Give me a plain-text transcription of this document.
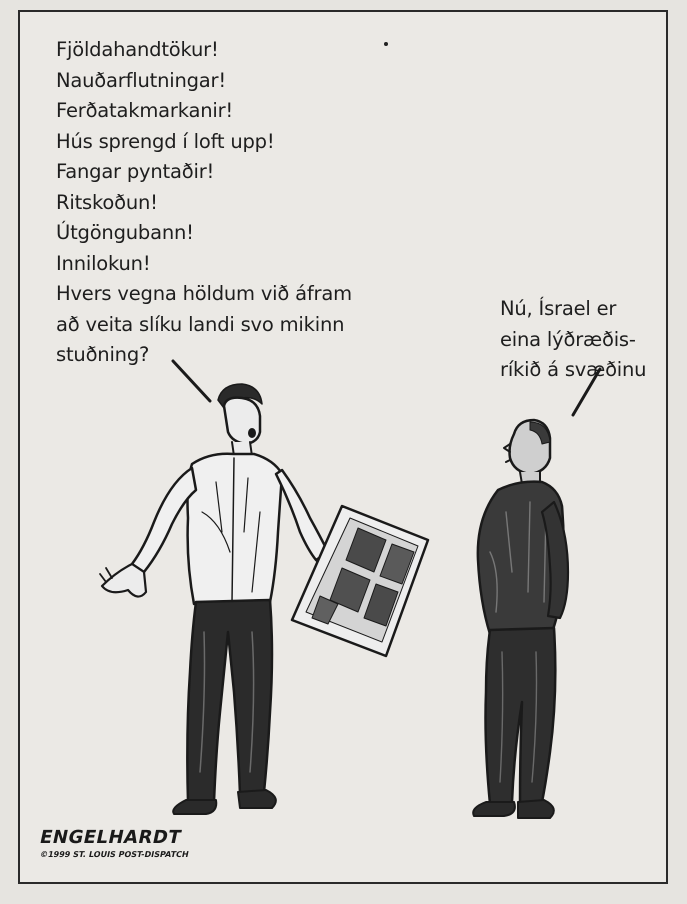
Fjöldahandtökur!
Nauðarflutningar!
Ferðatakmarkanir!
Hús sprengd í loft upp!
Fangar pyntaðir!
Ritskoðun!
Útgöngubann!
Innilokun!
Hvers vegna höldum við áfram
að veita slíku landi svo mikinn
stuðning?
Nú, Ísrael er
eina lýðræðis-
ríkið á svæðinu
ENGELHARDT
©1999 ST. LOUIS POST-DISPATCH
